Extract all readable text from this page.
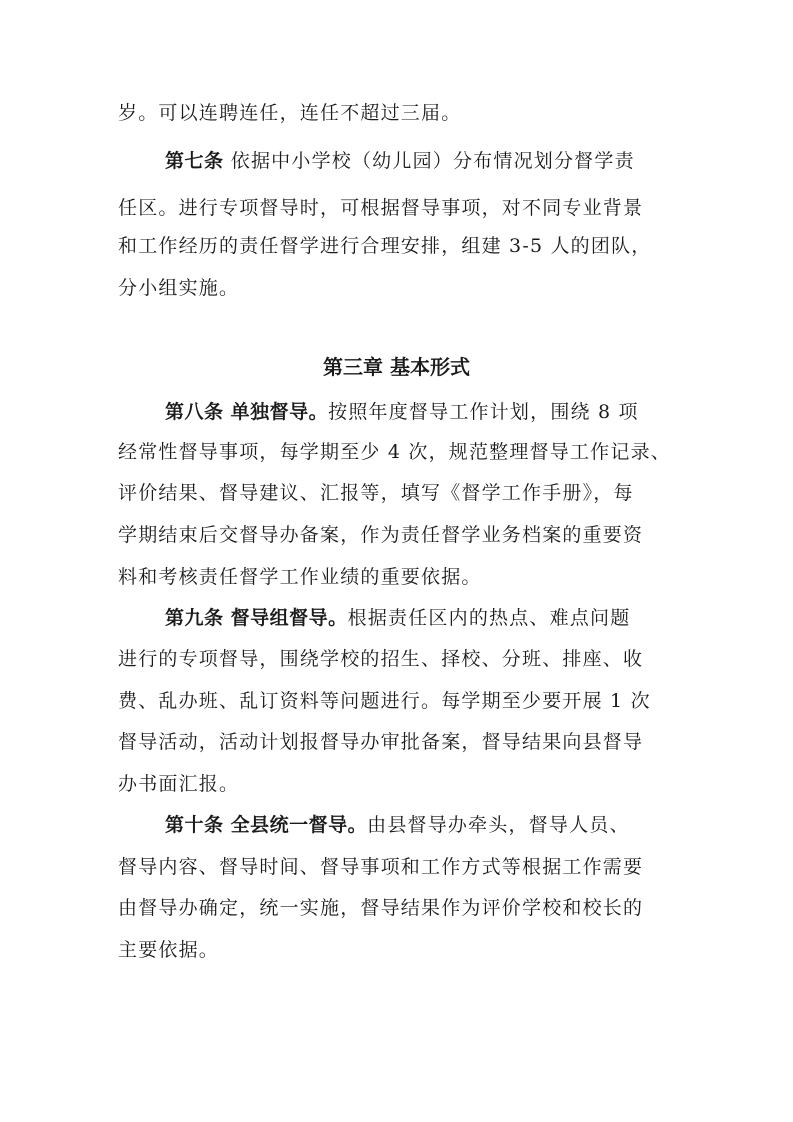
岁。可以连聘连任，连任不超过三届。
第七条 依据中小学校（幼儿园）分布情况划分督学责
任区。进行专项督导时，可根据督导事项，对不同专业背景
和工作经历的责任督学进行合理安排，组建 3-5 人的团队，
分小组实施。
第三章 基本形式
第八条 单独督导。按照年度督导工作计划，围绕 8 项
经常性督导事项，每学期至少 4 次，规范整理督导工作记录、
评价结果、督导建议、汇报等，填写《督学工作手册》，每
学期结束后交督导办备案，作为责任督学业务档案的重要资
料和考核责任督学工作业绩的重要依据。
第九条 督导组督导。根据责任区内的热点、难点问题
进行的专项督导，围绕学校的招生、择校、分班、排座、收
费、乱办班、乱订资料等问题进行。每学期至少要开展 1 次
督导活动，活动计划报督导办审批备案，督导结果向县督导
办书面汇报。
第十条 全县统一督导。由县督导办牵头，督导人员、
督导内容、督导时间、督导事项和工作方式等根据工作需要
由督导办确定，统一实施，督导结果作为评价学校和校长的
主要依据。
